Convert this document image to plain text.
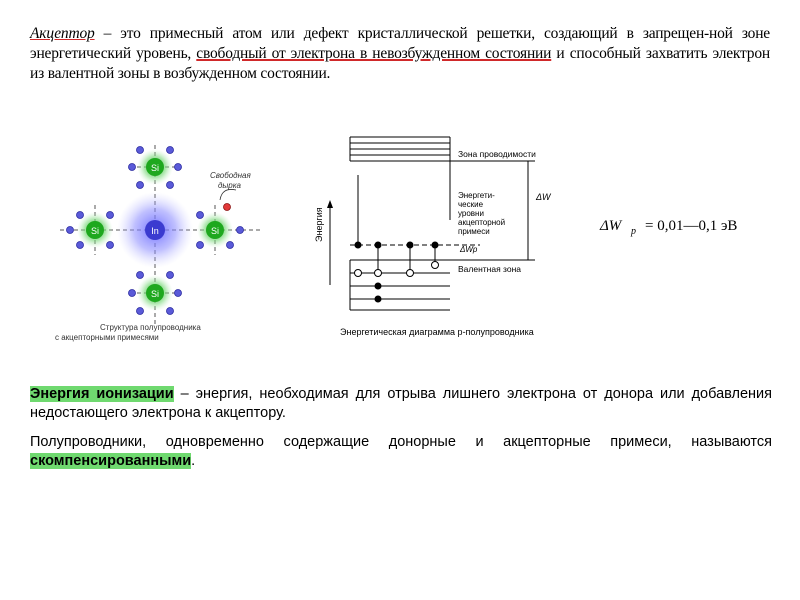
Акцептор – это примесный атом или дефект кристаллической решетки, создающий в запрещен-ной зоне энергетический уровень, свободный от электрона в невозбужденном состоянии и способный захватить электрон из валентной зоны в возбужденном состоянии.
In
Si
Si	Si
Si
Свободная
дырка
Структура полупроводника
с акцепторными примесями
Энергия
ΔW
ΔWp
Зона проводимости
Энергети-
ческие
уровни
акцепторной
примеси
Валентная зона
ΔW p = 0,01—0,1 эВ
Энергетическая диаграмма p-полупроводника

Энергия ионизации – энергия, необходимая для отрыва лишнего электрона от донора или добавления недостающего электрона к акцептору.

Полупроводники, одновременно содержащие донорные и акцепторные примеси, называются скомпенсированными.
